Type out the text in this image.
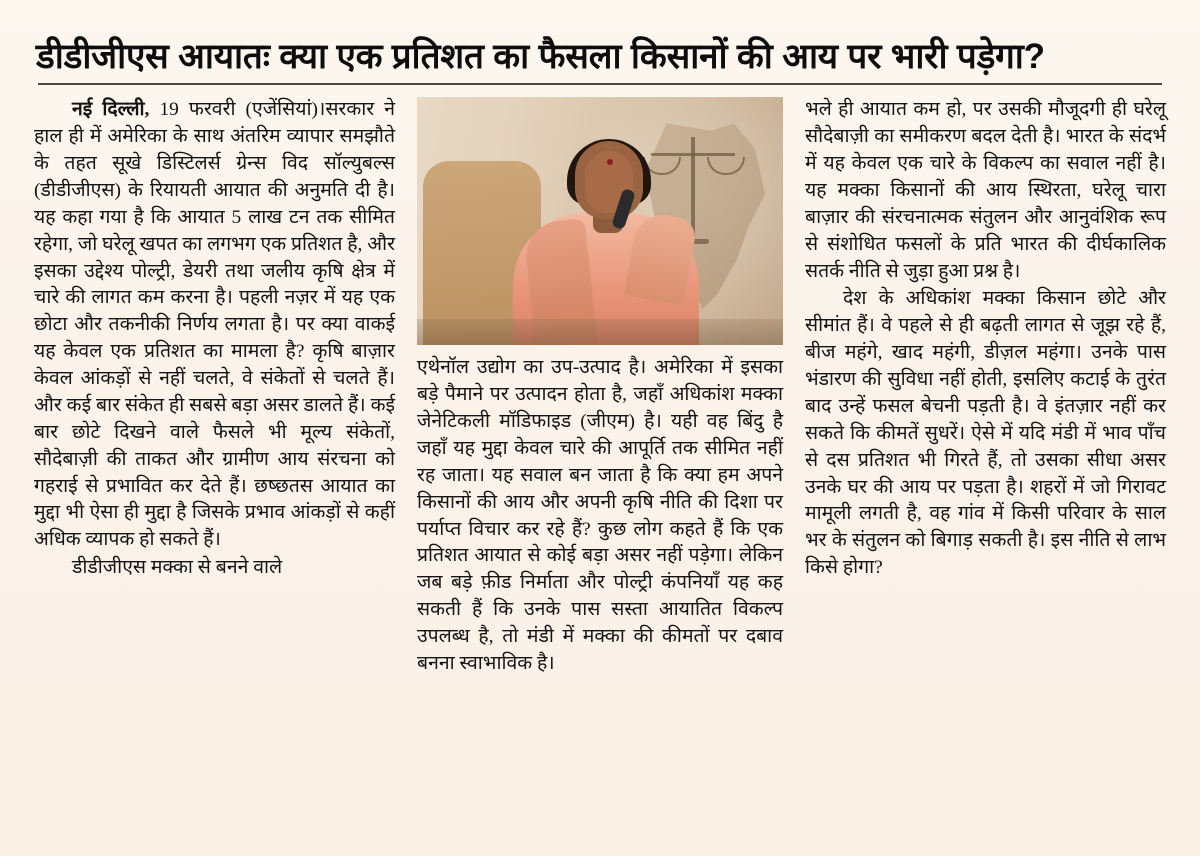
डीडीजीएस आयातः क्या एक प्रतिशत का फैसला किसानों की आय पर भारी पड़ेगा?

नई दिल्ली, 19 फरवरी (एजेंसियां)।सरकार ने हाल ही में अमेरिका के साथ अंतरिम व्यापार समझौते के तहत सूखे डिस्टिलर्स ग्रेन्स विद सॉल्युबल्स (डीडीजीएस) के रियायती आयात की अनुमति दी है। यह कहा गया है कि आयात 5 लाख टन तक सीमित रहेगा, जो घरेलू खपत का लगभग एक प्रतिशत है, और इसका उद्देश्य पोल्ट्री, डेयरी तथा जलीय कृषि क्षेत्र में चारे की लागत कम करना है। पहली नज़र में यह एक छोटा और तकनीकी निर्णय लगता है। पर क्या वाकई यह केवल एक प्रतिशत का मामला है? कृषि बाज़ार केवल आंकड़ों से नहीं चलते, वे संकेतों से चलते हैं। और कई बार संकेत ही सबसे बड़ा असर डालते हैं। कई बार छोटे दिखने वाले फैसले भी मूल्य संकेतों, सौदेबाज़ी की ताकत और ग्रामीण आय संरचना को गहराई से प्रभावित कर देते हैं। छष्छतस आयात का मुद्दा भी ऐसा ही मुद्दा है जिसके प्रभाव आंकड़ों से कहीं अधिक व्यापक हो सकते हैं।

डीडीजीएस मक्का से बनने वाले

एथेनॉल उद्योग का उप-उत्पाद है। अमेरिका में इसका बड़े पैमाने पर उत्पादन होता है, जहाँ अधिकांश मक्का जेनेटिकली मॉडिफाइड (जीएम) है। यही वह बिंदु है जहाँ यह मुद्दा केवल चारे की आपूर्ति तक सीमित नहीं रह जाता। यह सवाल बन जाता है कि क्या हम अपने किसानों की आय और अपनी कृषि नीति की दिशा पर पर्याप्त विचार कर रहे हैं? कुछ लोग कहते हैं कि एक प्रतिशत आयात से कोई बड़ा असर नहीं पड़ेगा। लेकिन जब बड़े फ़ीड निर्माता और पोल्ट्री कंपनियाँ यह कह सकती हैं कि उनके पास सस्ता आयातित विकल्प उपलब्ध है, तो मंडी में मक्का की कीमतों पर दबाव बनना स्वाभाविक है।

भले ही आयात कम हो, पर उसकी मौजूदगी ही घरेलू सौदेबाज़ी का समीकरण बदल देती है। भारत के संदर्भ में यह केवल एक चारे के विकल्प का सवाल नहीं है। यह मक्का किसानों की आय स्थिरता, घरेलू चारा बाज़ार की संरचनात्मक संतुलन और आनुवंशिक रूप से संशोधित फसलों के प्रति भारत की दीर्घकालिक सतर्क नीति से जुड़ा हुआ प्रश्न है।

देश के अधिकांश मक्का किसान छोटे और सीमांत हैं। वे पहले से ही बढ़ती लागत से जूझ रहे हैं, बीज महंगे, खाद महंगी, डीज़ल महंगा। उनके पास भंडारण की सुविधा नहीं होती, इसलिए कटाई के तुरंत बाद उन्हें फसल बेचनी पड़ती है। वे इंतज़ार नहीं कर सकते कि कीमतें सुधरें। ऐसे में यदि मंडी में भाव पाँच से दस प्रतिशत भी गिरते हैं, तो उसका सीधा असर उनके घर की आय पर पड़ता है। शहरों में जो गिरावट मामूली लगती है, वह गांव में किसी परिवार के साल भर के संतुलन को बिगाड़ सकती है। इस नीति से लाभ किसे होगा?
